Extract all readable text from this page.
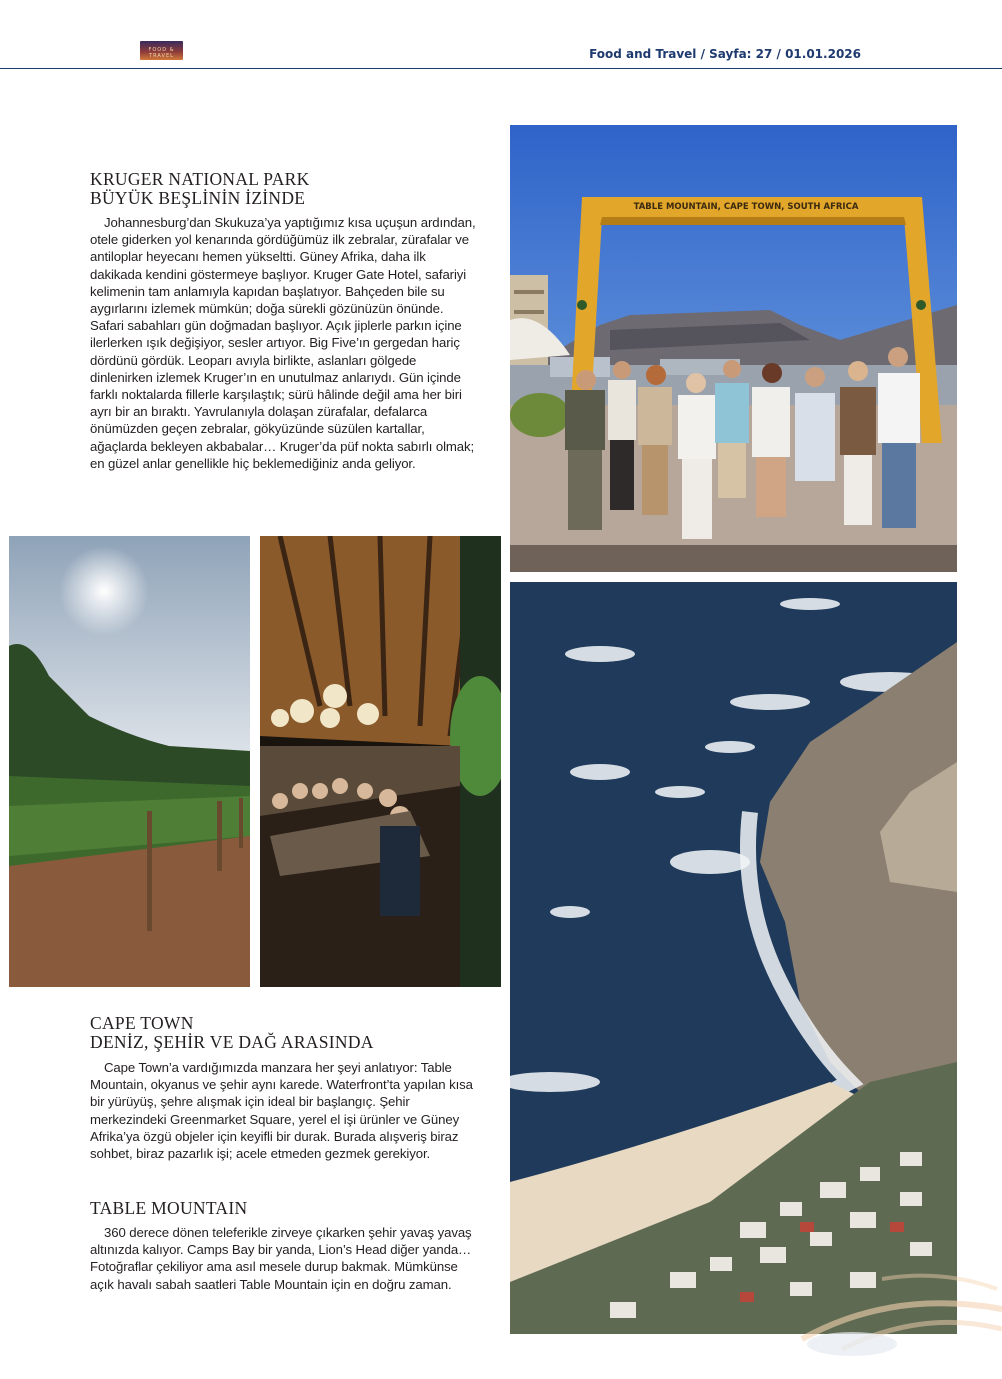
FOOD & TRAVEL	Food and Travel / Sayfa: 27 / 01.01.2026
KRUGER NATIONAL PARK
BÜYÜK BEŞLİNİN İZİNDE

Johannesburg’dan Skukuza’ya yaptığımız kısa uçuşun ardından, otele giderken yol kenarında gördüğümüz ilk zebralar, zürafalar ve antiloplar heyecanı hemen yükseltti. Güney Afrika, daha ilk dakikada kendini göstermeye başlıyor. Kruger Gate Hotel, safariyi kelimenin tam anlamıyla kapıdan başlatıyor. Bahçeden bile su aygırlarını izlemek mümkün; doğa sürekli gözünüzün önünde. Safari sabahları gün doğmadan başlıyor. Açık jiplerle parkın içine ilerlerken ışık değişiyor, sesler artıyor. Big Five’ın gergedan hariç dördünü gördük. Leoparı avıyla birlikte, aslanları gölgede dinlenirken izlemek Kruger’ın en unutulmaz anlarıydı. Gün içinde farklı noktalarda fillerle karşılaştık; sürü hâlinde değil ama her biri ayrı bir an bıraktı. Yavrulanıyla dolaşan zürafalar, defalarca önümüzden geçen zebralar, gökyüzünde süzülen kartallar, ağaçlarda bekleyen akbabalar… Kruger’da püf nokta sabırlı olmak; en güzel anlar genellikle hiç beklemediğiniz anda geliyor.

TABLE MOUNTAIN, CAPE TOWN, SOUTH AFRICA
CAPE TOWN
DENİZ, ŞEHİR VE DAĞ ARASINDA

Cape Town’a vardığımızda manzara her şeyi anlatıyor: Table Mountain, okyanus ve şehir aynı karede. Waterfront’ta yapılan kısa bir yürüyüş, şehre alışmak için ideal bir başlangıç. Şehir merkezindeki Greenmarket Square, yerel el işi ürünler ve Güney Afrika’ya özgü objeler için keyifli bir durak. Burada alışveriş biraz sohbet, biraz pazarlık işi; acele etmeden gezmek gerekiyor.

TABLE MOUNTAIN

360 derece dönen teleferikle zirveye çıkarken şehir yavaş yavaş altınızda kalıyor. Camps Bay bir yanda, Lion’s Head diğer yanda… Fotoğraflar çekiliyor ama asıl mesele durup bakmak. Mümkünse açık havalı sabah saatleri Table Mountain için en doğru zaman.
